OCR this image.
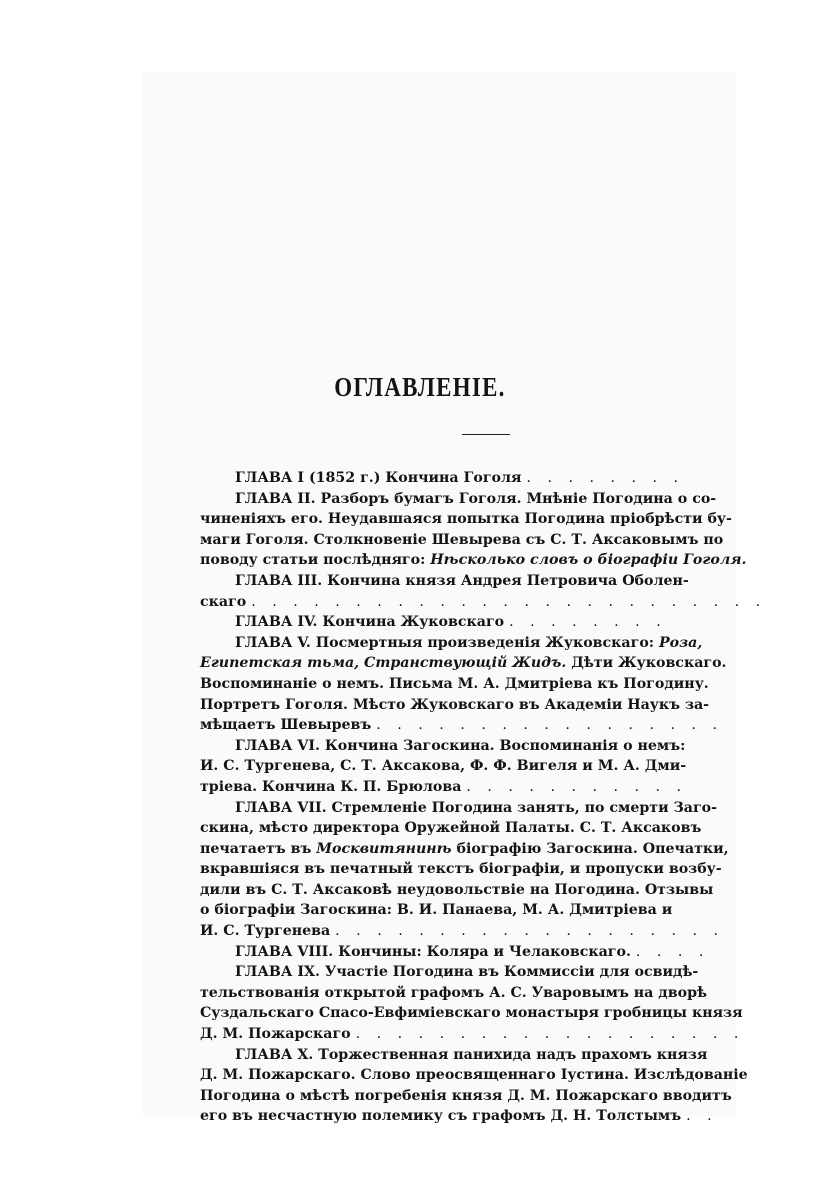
ОГЛАВЛЕНІЕ.
ГЛАВА I (1852 г.) Кончина Гоголя . . . . . . . .
ГЛАВА II. Разборъ бумагъ Гоголя. Мнѣніе Погодина о со-
чиненіяхъ его. Неудавшаяся попытка Погодина пріобрѣсти бу-
маги Гоголя. Столкновеніе Шевырева съ С. Т. Аксаковымъ по
поводу статьи послѣдняго: Нѣсколько словъ о біографіи Гоголя.
ГЛАВА III. Кончина князя Андрея Петровича Оболен-
скаго . . . . . . . . . . . . . . . . . . . . . . . . .
ГЛАВА IV. Кончина Жуковскаго . . . . . . . .
ГЛАВА V. Посмертныя произведенія Жуковскаго: Роза,
Египетская тьма, Странствующій Жидъ. Дѣти Жуковскаго.
Воспоминаніе о немъ. Письма М. А. Дмитріева къ Погодину.
Портретъ Гоголя. Мѣсто Жуковскаго въ Академіи Наукъ за-
мѣщаетъ Шевыревъ . . . . . . . . . . . . . . . . .
ГЛАВА VI. Кончина Загоскина. Воспоминанія о немъ:
И. С. Тургенева, С. Т. Аксакова, Ф. Ф. Вигеля и М. А. Дми-
тріева. Кончина К. П. Брюлова . . . . . . . . . . .
ГЛАВА VII. Стремленіе Погодина занять, по смерти Заго-
скина, мѣсто директора Оружейной Палаты. С. Т. Аксаковъ
печатаетъ въ Москвитянинѣ біографію Загоскина. Опечатки,
вкравшіяся въ печатный текстъ біографіи, и пропуски возбу-
дили въ С. Т. Аксаковѣ неудовольствіе на Погодина. Отзывы
о біографіи Загоскина: В. И. Панаева, М. А. Дмитріева и
И. С. Тургенева . . . . . . . . . . . . . . . . . . .
ГЛАВА VIII. Кончины: Коляра и Челаковскаго. . . . .
ГЛАВА IX. Участіе Погодина въ Коммиссіи для освидѣ-
тельствованія открытой графомъ А. С. Уваровымъ на дворѣ
Суздальскаго Спасо-Евфиміевскаго монастыря гробницы князя
Д. М. Пожарскаго . . . . . . . . . . . . . . . . . . .
ГЛАВА X. Торжественная панихида надъ прахомъ князя
Д. М. Пожарскаго. Слово преосвященнаго Іустина. Изслѣдованіе
Погодина о мѣстѣ погребенія князя Д. М. Пожарскаго вводитъ
его въ несчастную полемику съ графомъ Д. Н. Толстымъ . .
